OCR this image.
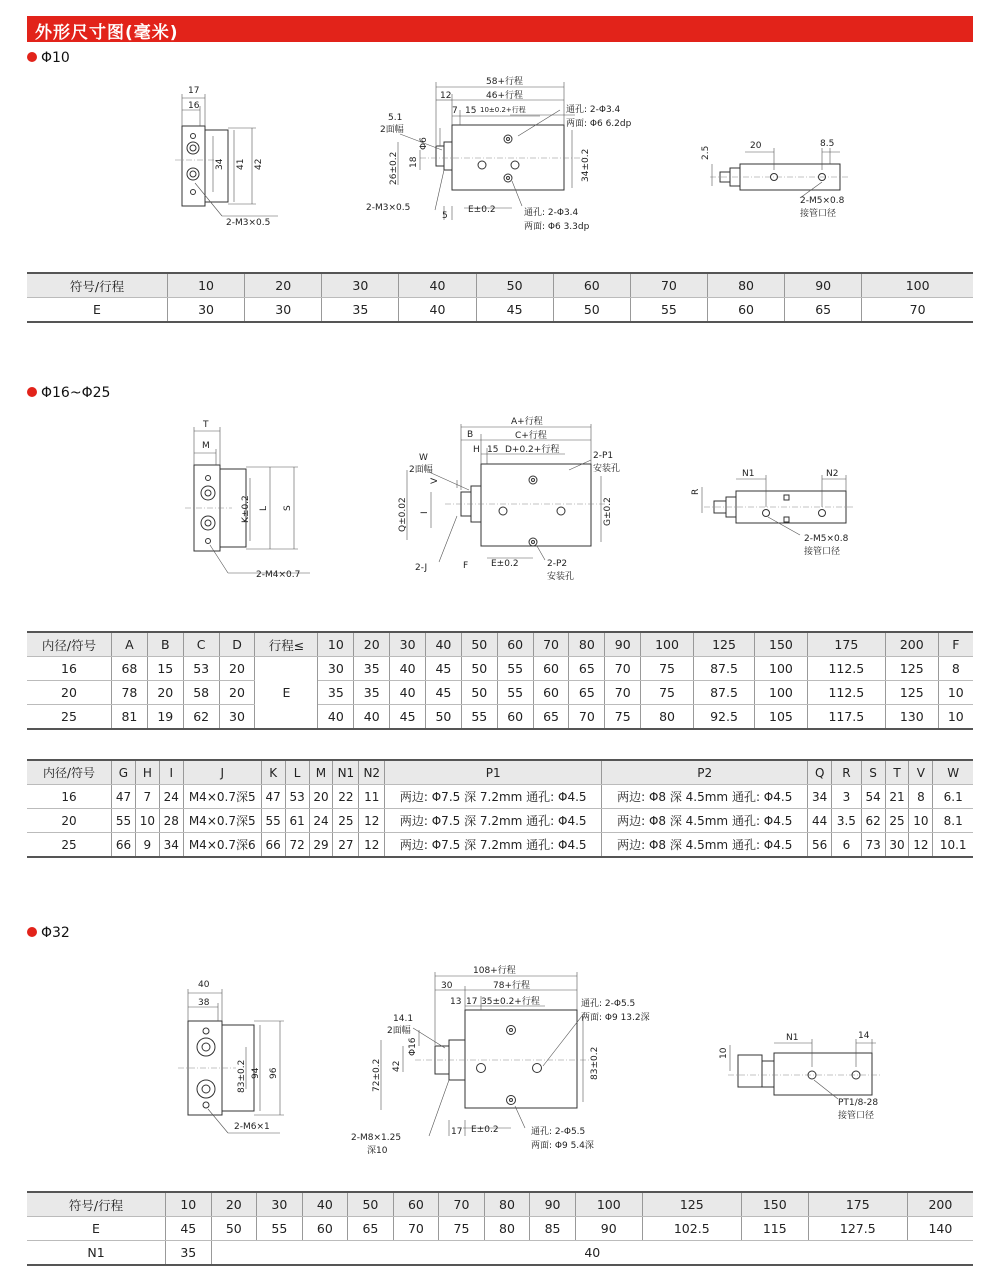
外形尺寸图(毫米)
Φ10
17
16
34 41 42
2-M3×0.5
58+行程
12	46+行程
7 15 10±0.2+行程
5.1
2面幅
Φ6
26±0.2 18	34±0.2
2-M3×0.5	E±0.2
5
通孔: 2-Φ3.4
两面: Φ6 6.2dp
通孔: 2-Φ3.4
两面: Φ6 3.3dp
2.5	20	8.5
2-M5×0.8
接管口径
符号/行程	10	20	30	40	50	60	70	80	90	100
E	30	30	35	40	45	50	55	60	65	70
Φ16~Φ25
T
M
K±0.2 L S
2-M4×0.7
A+行程
B	C+行程
H 15 D+0.2+行程
2-P1
安装孔
W
2面幅
V
Q±0.02 I	G±0.2
2-J	F	E±0.2	2-P2
安装孔
R
N1	N2
2-M5×0.8
接管口径
内径/符号	A	B	C	D	行程≤	10	20	30	40	50	60	70	80	90	100	125	150	175	200	F
16	68	15	53	20	E	30	35	40	45	50	55	60	65	70	75	87.5	100	112.5	125	8
20	78	20	58	20		35	35	40	45	50	55	60	65	70	75	87.5	100	112.5	125	10
25	81	19	62	30		40	40	45	50	55	60	65	70	75	80	92.5	105	117.5	130	10
内径/符号	G	H	I	J	K	L	M	N1	N2	P1	P2	Q	R	S	T	V	W
16	47	7	24	M4×0.7深5	47	53	20	22	11	两边: Φ7.5 深 7.2mm 通孔: Φ4.5	两边: Φ8 深 4.5mm 通孔: Φ4.5	34	3	54	21	8	6.1
20	55	10	28	M4×0.7深5	55	61	24	25	12	两边: Φ7.5 深 7.2mm 通孔: Φ4.5	两边: Φ8 深 4.5mm 通孔: Φ4.5	44	3.5	62	25	10	8.1
25	66	9	34	M4×0.7深6	66	72	29	27	12	两边: Φ7.5 深 7.2mm 通孔: Φ4.5	两边: Φ8 深 4.5mm 通孔: Φ4.5	56	6	73	30	12	10.1
Φ32
40
38
83±0.2 94 96
2-M6×1
108+行程
30	78+行程
13 17 35±0.2+行程
14.1
2面幅
Φ16
72±0.2 42	83±0.2
2-M8×1.25
深10
17 E±0.2
通孔: 2-Φ5.5
两面: Φ9 13.2深
通孔: 2-Φ5.5
两面: Φ9 5.4深
10
N1	14
PT1/8-28
接管口径
符号/行程	10	20	30	40	50	60	70	80	90	100	125	150	175	200
E	45	50	55	60	65	70	75	80	85	90	102.5	115	127.5	140
N1	35	40												
